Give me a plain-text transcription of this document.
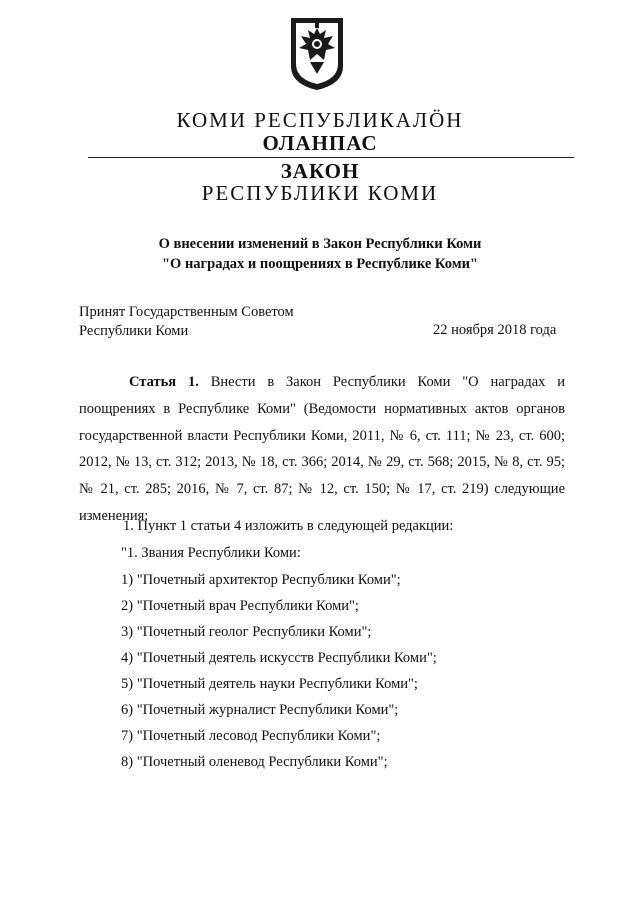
КОМИ РЕСПУБЛИКАЛӦН
ОЛАНПАС
ЗАКОН
РЕСПУБЛИКИ КОМИ
О внесении изменений в Закон Республики Коми
"О наградах и поощрениях в Республике Коми"
Принят Государственным Советом
Республики Коми	22 ноября 2018 года

Статья 1. Внести в Закон Республики Коми "О наградах и поощрениях в Республике Коми" (Ведомости нормативных актов органов государственной власти Республики Коми, 2011, № 6, ст. 111; № 23, ст. 600; 2012, № 13, ст. 312; 2013, № 18, ст. 366; 2014, № 29, ст. 568; 2015, № 8, ст. 95; № 21, ст. 285; 2016, № 7, ст. 87; № 12, ст. 150; № 17, ст. 219) следующие изменения:

1. Пункт 1 статьи 4 изложить в следующей редакции:
"1. Звания Республики Коми:
1) "Почетный архитектор Республики Коми";
2) "Почетный врач Республики Коми";
3) "Почетный геолог Республики Коми";
4) "Почетный деятель искусств Республики Коми";
5) "Почетный деятель науки Республики Коми";
6) "Почетный журналист Республики Коми";
7) "Почетный лесовод Республики Коми";
8) "Почетный оленевод Республики Коми";
